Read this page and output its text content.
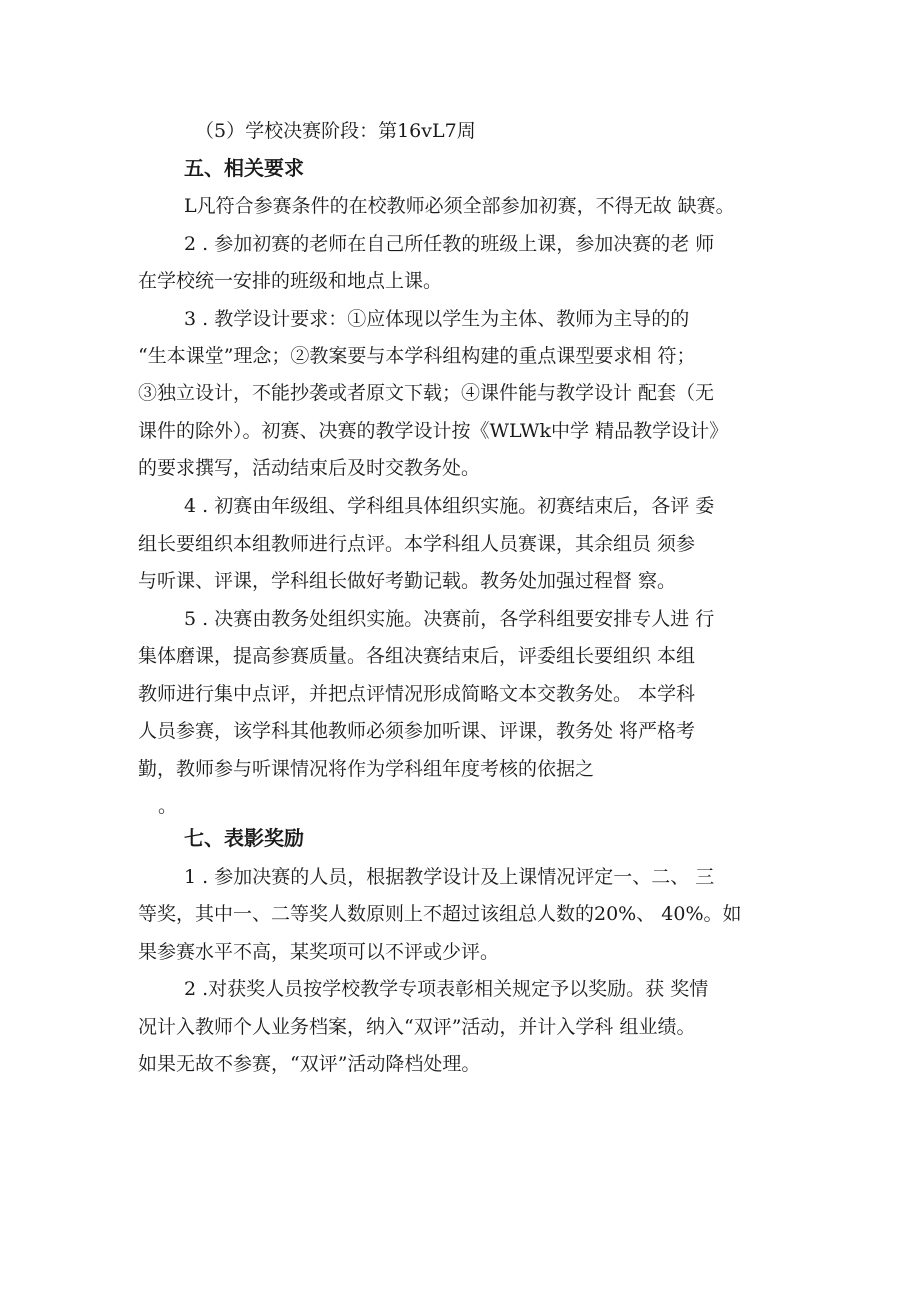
（5）学校决赛阶段：第16vL7周
五、相关要求
L凡符合参赛条件的在校教师必须全部参加初赛，不得无故 缺赛。
2 . 参加初赛的老师在自己所任教的班级上课，参加决赛的老 师
在学校统一安排的班级和地点上课。
3 . 教学设计要求：①应体现以学生为主体、教师为主导的的
“生本课堂”理念；②教案要与本学科组构建的重点课型要求相 符；
③独立设计，不能抄袭或者原文下载；④课件能与教学设计 配套（无
课件的除外）。初赛、决赛的教学设计按《WLWk中学 精品教学设计》
的要求撰写，活动结束后及时交教务处。
4 . 初赛由年级组、学科组具体组织实施。初赛结束后，各评 委
组长要组织本组教师进行点评。本学科组人员赛课，其余组员 须参
与听课、评课，学科组长做好考勤记载。教务处加强过程督 察。
5 . 决赛由教务处组织实施。决赛前，各学科组要安排专人进 行
集体磨课，提高参赛质量。各组决赛结束后，评委组长要组织 本组
教师进行集中点评，并把点评情况形成简略文本交教务处。 本学科
人员参赛，该学科其他教师必须参加听课、评课，教务处 将严格考
勤，教师参与听课情况将作为学科组年度考核的依据之
。
七、表影奖励
1 . 参加决赛的人员，根据教学设计及上课情况评定一、二、 三
等奖，其中一、二等奖人数原则上不超过该组总人数的20%、 40%。如
果参赛水平不高，某奖项可以不评或少评。
2 .对获奖人员按学校教学专项表彰相关规定予以奖励。获 奖情
况计入教师个人业务档案，纳入“双评”活动，并计入学科 组业绩。
如果无故不参赛，“双评”活动降档处理。
